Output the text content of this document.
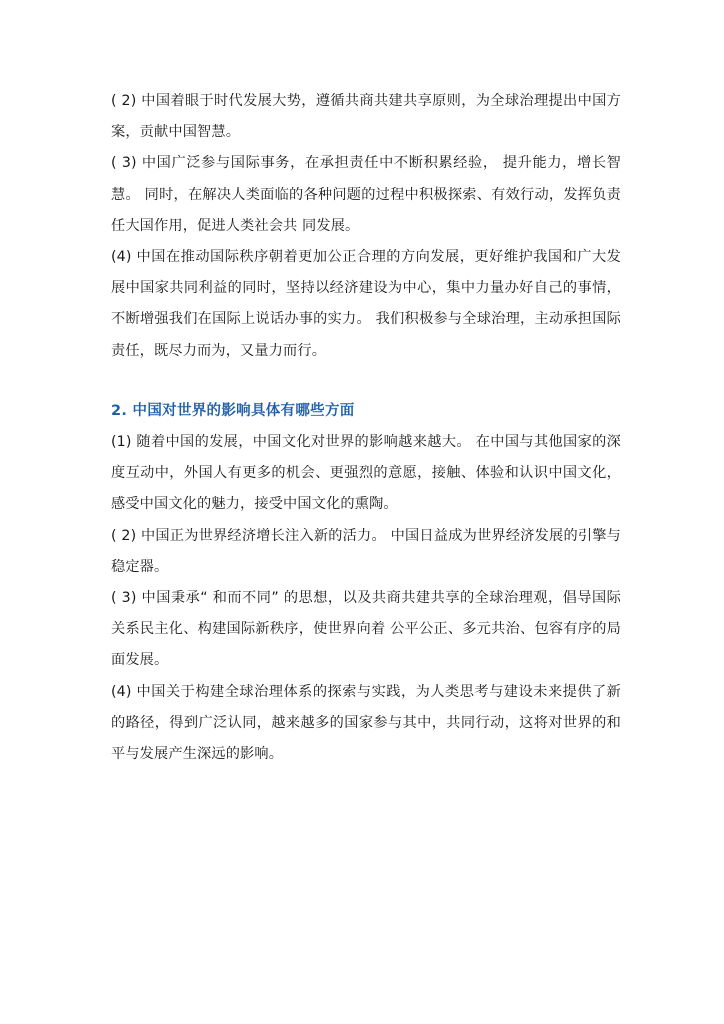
( 2) 中国着眼于时代发展大势，遵循共商共建共享原则，为全球治理提出中国方案，贡献中国智慧。

( 3) 中国广泛参与国际事务，在承担责任中不断积累经验， 提升能力，增长智慧。 同时，在解决人类面临的各种问题的过程中积极探索、有效行动，发挥负责任大国作用，促进人类社会共 同发展。

(4) 中国在推动国际秩序朝着更加公正合理的方向发展，更好维护我国和广大发展中国家共同利益的同时，坚持以经济建设为中心，集中力量办好自己的事情，不断增强我们在国际上说话办事的实力。 我们积极参与全球治理，主动承担国际责任，既尽力而为，又量力而行。

2. 中国对世界的影响具体有哪些方面

(1) 随着中国的发展，中国文化对世界的影响越来越大。 在中国与其他国家的深度互动中，外国人有更多的机会、更强烈的意愿，接触、体验和认识中国文化，感受中国文化的魅力，接受中国文化的熏陶。

( 2) 中国正为世界经济增长注入新的活力。 中国日益成为世界经济发展的引擎与稳定器。

( 3) 中国秉承“ 和而不同” 的思想，以及共商共建共享的全球治理观，倡导国际关系民主化、构建国际新秩序，使世界向着 公平公正、多元共治、包容有序的局面发展。

(4) 中国关于构建全球治理体系的探索与实践，为人类思考与建设未来提供了新的路径，得到广泛认同，越来越多的国家参与其中，共同行动，这将对世界的和平与发展产生深远的影响。
